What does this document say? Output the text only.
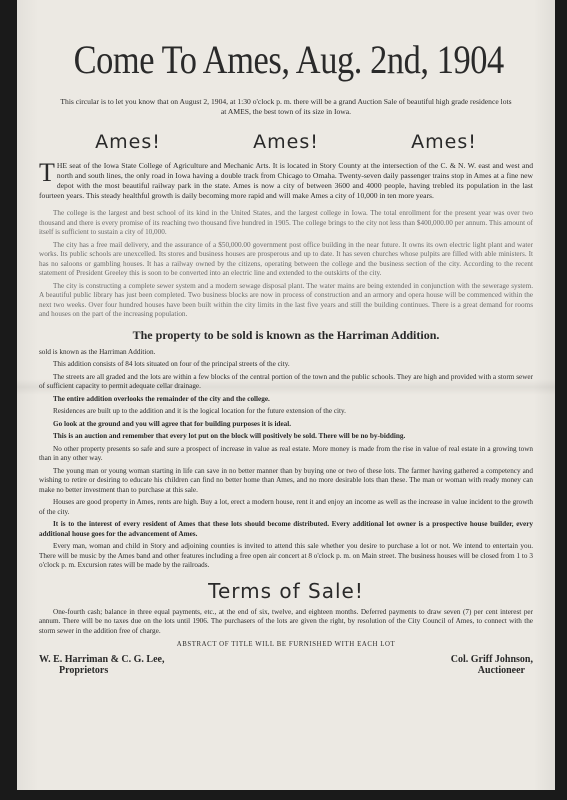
Come To Ames, Aug. 2nd, 1904
This circular is to let you know that on August 2, 1904, at 1:30 o'clock p. m. there will be a grand Auction Sale of beautiful high grade residence lots at AMES, the best town of its size in Iowa.
Ames!	Ames!	Ames!
THE seat of the Iowa State College of Agriculture and Mechanic Arts. It is located in Story County at the intersection of the C. & N. W. east and west and north and south lines, the only road in Iowa having a double track from Chicago to Omaha. Twenty-seven daily passenger trains stop in Ames at a fine new depot with the most beautiful railway park in the state. Ames is now a city of between 3600 and 4000 people, having trebled its population in the last fourteen years. This steady healthful growth is daily becoming more rapid and will make Ames a city of 10,000 in ten more years.
The college is the largest and best school of its kind in the United States, and the largest college in Iowa. The total enrollment for the present year was over two thousand and there is every promise of its reaching two thousand five hundred in 1905. The college brings to the city not less than $400,000.00 per annum. This amount of itself is sufficient to sustain a city of 10,000.
The city has a free mail delivery, and the assurance of a $50,000.00 government post office building in the near future. It owns its own electric light plant and water works. Its public schools are unexcelled. Its stores and business houses are prosperous and up to date. It has seven churches whose pulpits are filled with able ministers. It has no saloons or gambling houses. It has a railway owned by the citizens, operating between the college and the business section of the city. According to the recent statement of President Greeley this is soon to be converted into an electric line and extended to the outskirts of the city.
The city is constructing a complete sewer system and a modern sewage disposal plant. The water mains are being extended in conjunction with the sewerage system. A beautiful public library has just been completed. Two business blocks are now in process of construction and an armory and opera house will be commenced within the next two weeks. Over four hundred houses have been built within the city limits in the last five years and still the building continues. There is a great demand for rooms and houses on the part of the increasing population.
The property to be sold is known as the Harriman Addition.
sold is known as the Harriman Addition.
This addition consists of 84 lots situated on four of the principal streets of the city.
The streets are all graded and the lots are within a few blocks of the central portion of the town and the public schools. They are high and provided with a storm sewer of sufficient capacity to permit adequate cellar drainage.
The entire addition overlooks the remainder of the city and the college.
Residences are built up to the addition and it is the logical location for the future extension of the city.
Go look at the ground and you will agree that for building purposes it is ideal.
This is an auction and remember that every lot put on the block will positively be sold. There will be no by-bidding.
No other property presents so safe and sure a prospect of increase in value as real estate. More money is made from the rise in value of real estate in a growing town than in any other way.
The young man or young woman starting in life can save in no better manner than by buying one or two of these lots. The farmer having gathered a competency and wishing to retire or desiring to educate his children can find no better home than Ames, and no more desirable lots than these. The man or woman with ready money can make no better investment than to purchase at this sale.
Houses are good property in Ames, rents are high. Buy a lot, erect a modern house, rent it and enjoy an income as well as the increase in value incident to the growth of the city.
It is to the interest of every resident of Ames that these lots should become distributed. Every additional lot owner is a prospective house builder, every additional house goes for the advancement of Ames.
Every man, woman and child in Story and adjoining counties is invited to attend this sale whether you desire to purchase a lot or not. We intend to entertain you. There will be music by the Ames band and other features including a free open air concert at 8 o'clock p. m. on Main street. The business houses will be closed from 1 to 3 o'clock p. m. Excursion rates will be made by the railroads.
Terms of Sale!
One-fourth cash; balance in three equal payments, etc., at the end of six, twelve, and eighteen months. Deferred payments to draw seven (7) per cent interest per annum. There will be no taxes due on the lots until 1906. The purchasers of the lots are given the right, by resolution of the City Council of Ames, to connect with the storm sewer in the addition free of charge.
ABSTRACT OF TITLE WILL BE FURNISHED WITH EACH LOT
W. E. Harriman & C. G. Lee,
Proprietors
Col. Griff Johnson,
Auctioneer
